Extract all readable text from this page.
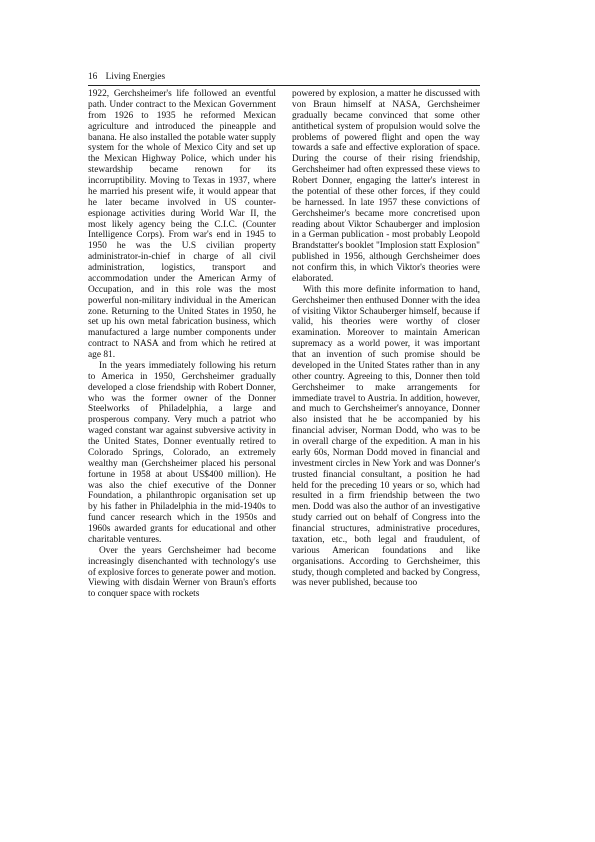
16 Living Energies

1922, Gerchsheimer's life followed an eventful path. Under contract to the Mexican Government from 1926 to 1935 he reformed Mexican agriculture and introduced the pineapple and banana. He also installed the potable water supply system for the whole of Mexico City and set up the Mexican Highway Police, which under his stewardship became renown for its incorruptibility. Moving to Texas in 1937, where he married his present wife, it would appear that he later became involved in US counter-espionage activities during World War II, the most likely agency being the C.I.C. (Counter Intelligence Corps). From war's end in 1945 to 1950 he was the U.S civilian property administrator-in-chief in charge of all civil administration, logistics, transport and accommodation under the American Army of Occupation, and in this role was the most powerful non-military individual in the American zone. Returning to the United States in 1950, he set up his own metal fabrication business, which manufactured a large number components under contract to NASA and from which he retired at age 81.

In the years immediately following his return to America in 1950, Gerchsheimer gradually developed a close friendship with Robert Donner, who was the former owner of the Donner Steelworks of Philadelphia, a large and prosperous company. Very much a patriot who waged constant war against subversive activity in the United States, Donner eventually retired to Colorado Springs, Colorado, an extremely wealthy man (Gerchsheimer placed his personal fortune in 1958 at about US$400 million). He was also the chief executive of the Donner Foundation, a philanthropic organisation set up by his father in Philadelphia in the mid-1940s to fund cancer research which in the 1950s and 1960s awarded grants for educational and other charitable ventures.

Over the years Gerchsheimer had become increasingly disenchanted with technology's use of explosive forces to generate power and motion. Viewing with disdain Werner von Braun's efforts to conquer space with rockets

powered by explosion, a matter he discussed with von Braun himself at NASA, Gerchsheimer gradually became convinced that some other antithetical system of propulsion would solve the problems of powered flight and open the way towards a safe and effective exploration of space. During the course of their rising friendship, Gerchsheimer had often expressed these views to Robert Donner, engaging the latter's interest in the potential of these other forces, if they could be harnessed. In late 1957 these convictions of Gerchsheimer's became more concretised upon reading about Viktor Schauberger and implosion in a German publication - most probably Leopold Brandstatter's booklet "Implosion statt Explosion" published in 1956, although Gerchsheimer does not confirm this, in which Viktor's theories were elaborated.

With this more definite information to hand, Gerchsheimer then enthused Donner with the idea of visiting Viktor Schauberger himself, because if valid, his theories were worthy of closer examination. Moreover to maintain American supremacy as a world power, it was important that an invention of such promise should be developed in the United States rather than in any other country. Agreeing to this, Donner then told Gerchsheimer to make arrangements for immediate travel to Austria. In addition, however, and much to Gerchsheimer's annoyance, Donner also insisted that he be accompanied by his financial adviser, Norman Dodd, who was to be in overall charge of the expedition. A man in his early 60s, Norman Dodd moved in financial and investment circles in New York and was Donner's trusted financial consultant, a position he had held for the preceding 10 years or so, which had resulted in a firm friendship between the two men. Dodd was also the author of an investigative study carried out on behalf of Congress into the financial structures, administrative procedures, taxation, etc., both legal and fraudulent, of various American foundations and like organisations. According to Gerchsheimer, this study, though completed and backed by Congress, was never published, because too
